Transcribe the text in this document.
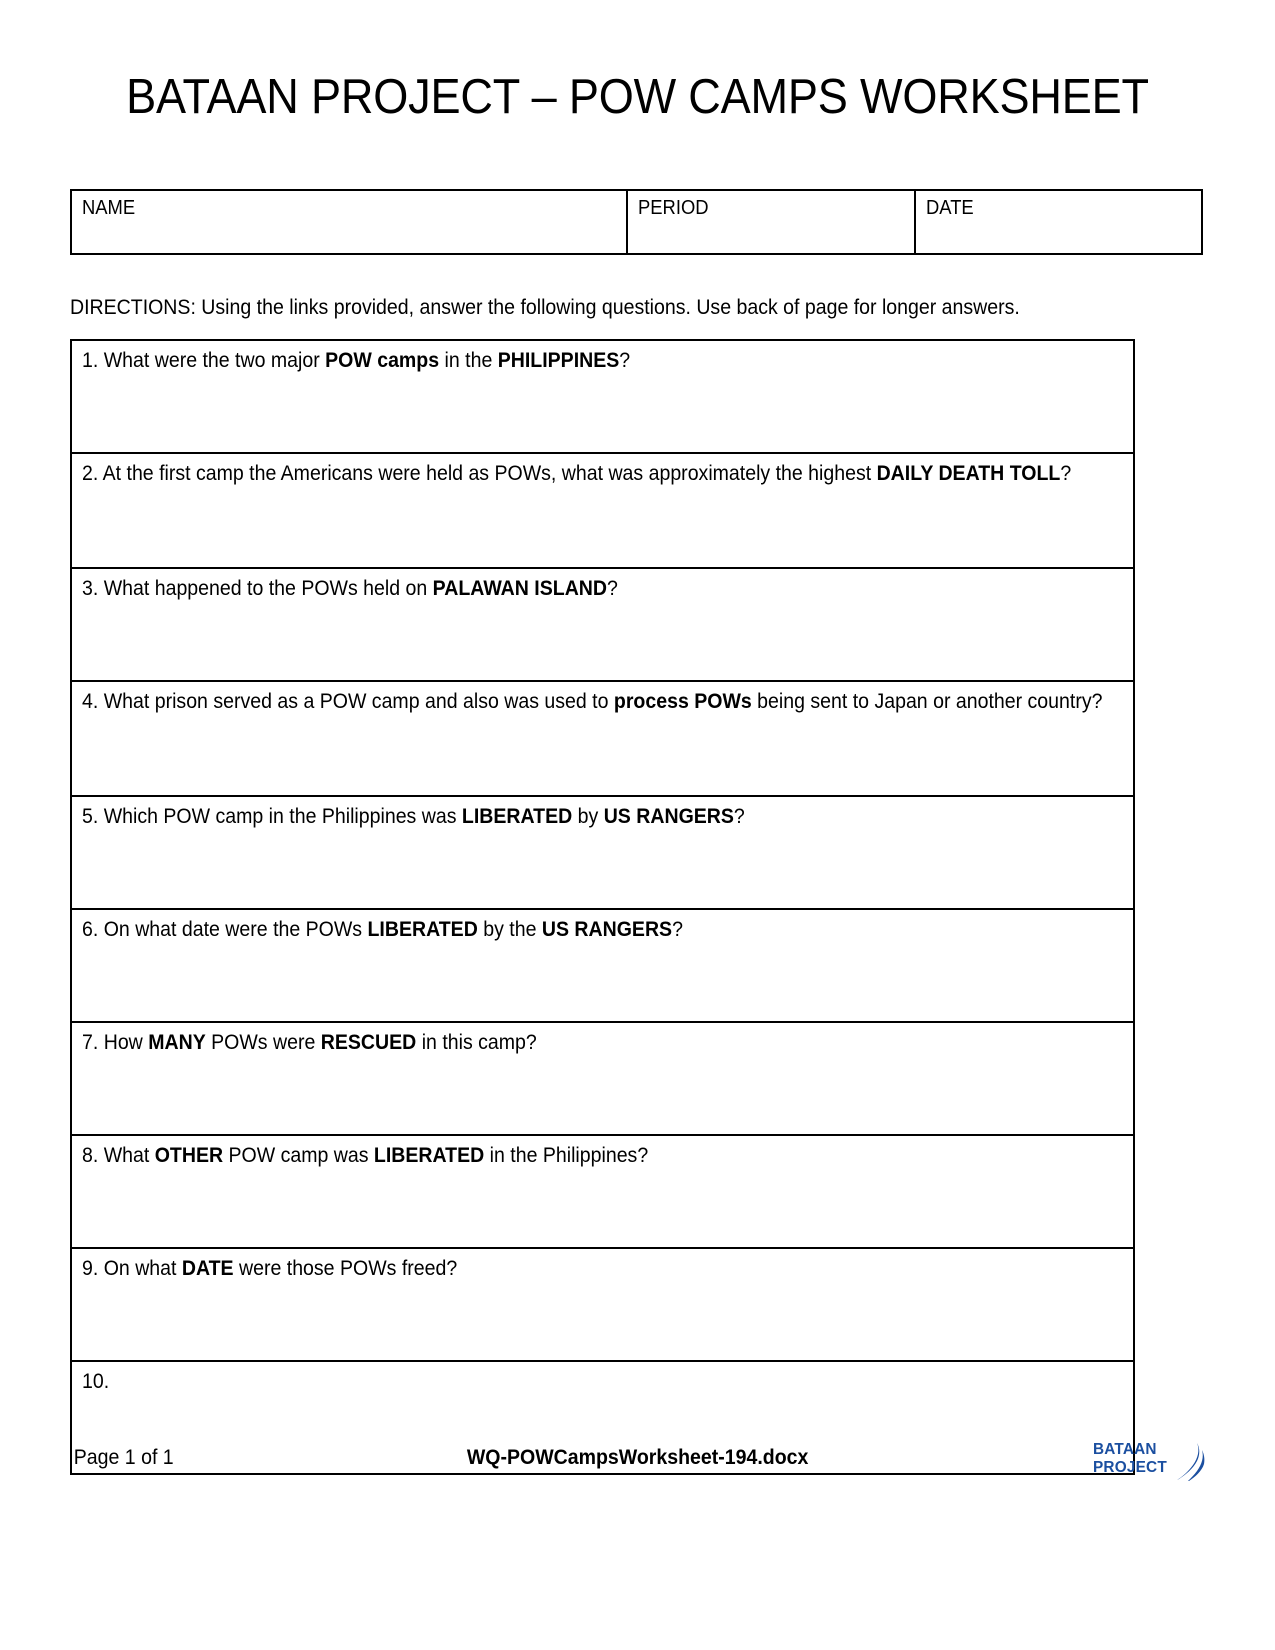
BATAAN PROJECT – POW CAMPS WORKSHEET
NAME	PERIOD	DATE
DIRECTIONS: Using the links provided, answer the following questions. Use back of page for longer answers.
1. What were the two major POW camps in the PHILIPPINES?
2. At the first camp the Americans were held as POWs, what was approximately the highest DAILY DEATH TOLL?
3. What happened to the POWs held on PALAWAN ISLAND?
4. What prison served as a POW camp and also was used to process POWs being sent to Japan or another country?
5. Which POW camp in the Philippines was LIBERATED by US RANGERS?
6. On what date were the POWs LIBERATED by the US RANGERS?
7. How MANY POWs were RESCUED in this camp?
8. What OTHER POW camp was LIBERATED in the Philippines?
9. On what DATE were those POWs freed?
10.
Page 1 of 1	WQ-POWCampsWorksheet-194.docx	BATAAN
PROJECT
